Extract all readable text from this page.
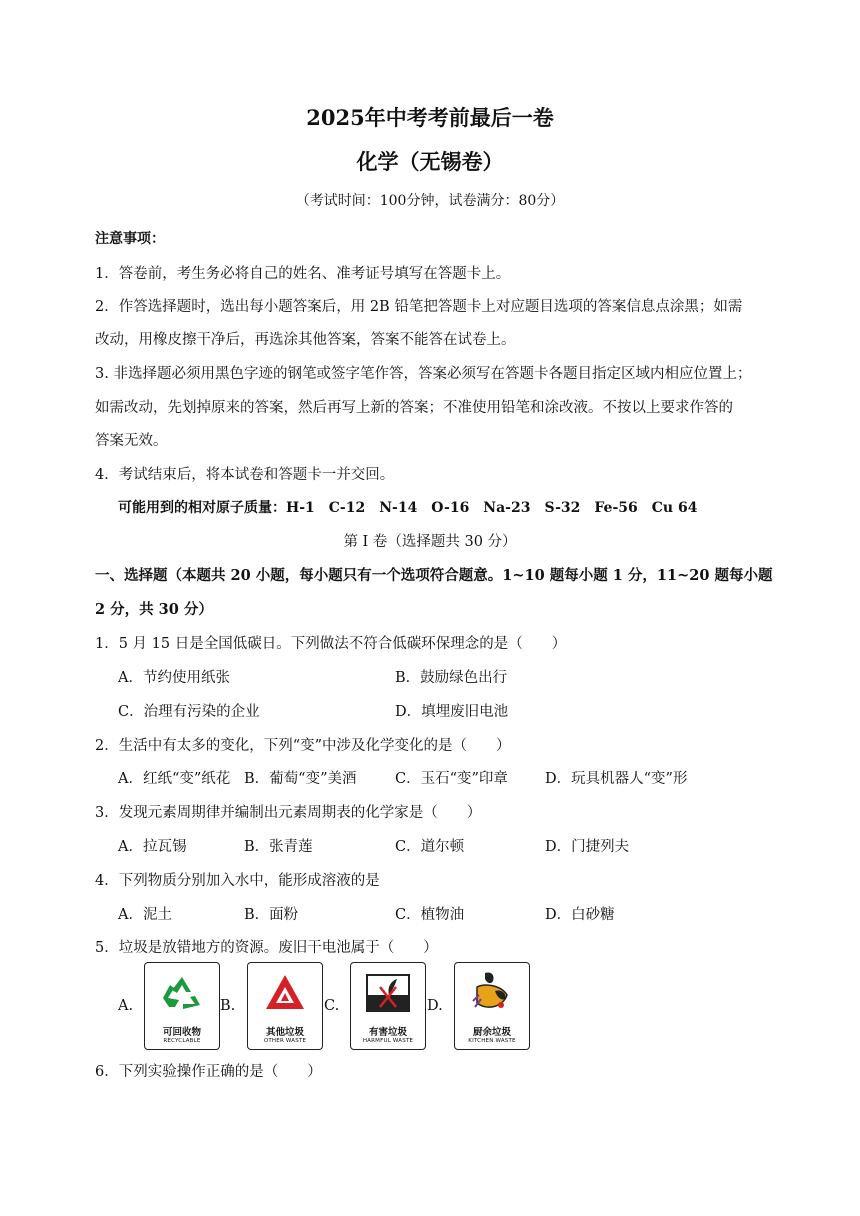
2025年中考考前最后一卷
化学（无锡卷）
（考试时间：100分钟，试卷满分：80分）
注意事项：
1．答卷前，考生务必将自己的姓名、准考证号填写在答题卡上。
2．作答选择题时，选出每小题答案后，用 2B 铅笔把答题卡上对应题目选项的答案信息点涂黑；如需
改动，用橡皮擦干净后，再选涂其他答案，答案不能答在试卷上。
3. 非选择题必须用黑色字迹的钢笔或签字笔作答，答案必须写在答题卡各题目指定区域内相应位置上；
如需改动，先划掉原来的答案，然后再写上新的答案；不准使用铅笔和涂改液。不按以上要求作答的
答案无效。
4．考试结束后，将本试卷和答题卡一并交回。
可能用到的相对原子质量：H-1　C-12　N-14　O-16　Na-23　S-32　Fe-56　Cu 64
第 I 卷（选择题共 30 分）
一、选择题（本题共 20 小题，每小题只有一个选项符合题意。1~10 题每小题 1 分，11~20 题每小题
2 分，共 30 分）
1．5 月 15 日是全国低碳日。下列做法不符合低碳环保理念的是（　　）
A．节约使用纸张	B．鼓励绿色出行
C．治理有污染的企业	D．填埋废旧电池
2．生活中有太多的变化，下列“变”中涉及化学变化的是（　　）
A．红纸“变”纸花 B．葡萄“变”美酒	C．玉石“变”印章	D．玩具机器人“变”形
3．发现元素周期律并编制出元素周期表的化学家是（　　）
A．拉瓦锡	B．张青莲	C．道尔顿	D．门捷列夫
4．下列物质分别加入水中，能形成溶液的是
A．泥土	B．面粉	C．植物油	D．白砂糖
5．垃圾是放错地方的资源。废旧干电池属于（　　）
A.
可回收物
RECYCLABLE
B.
其他垃圾
OTHER WASTE
C.
有害垃圾
HARMFUL WASTE
D.
厨余垃圾
KITCHEN WASTE
6．下列实验操作正确的是（　　）
